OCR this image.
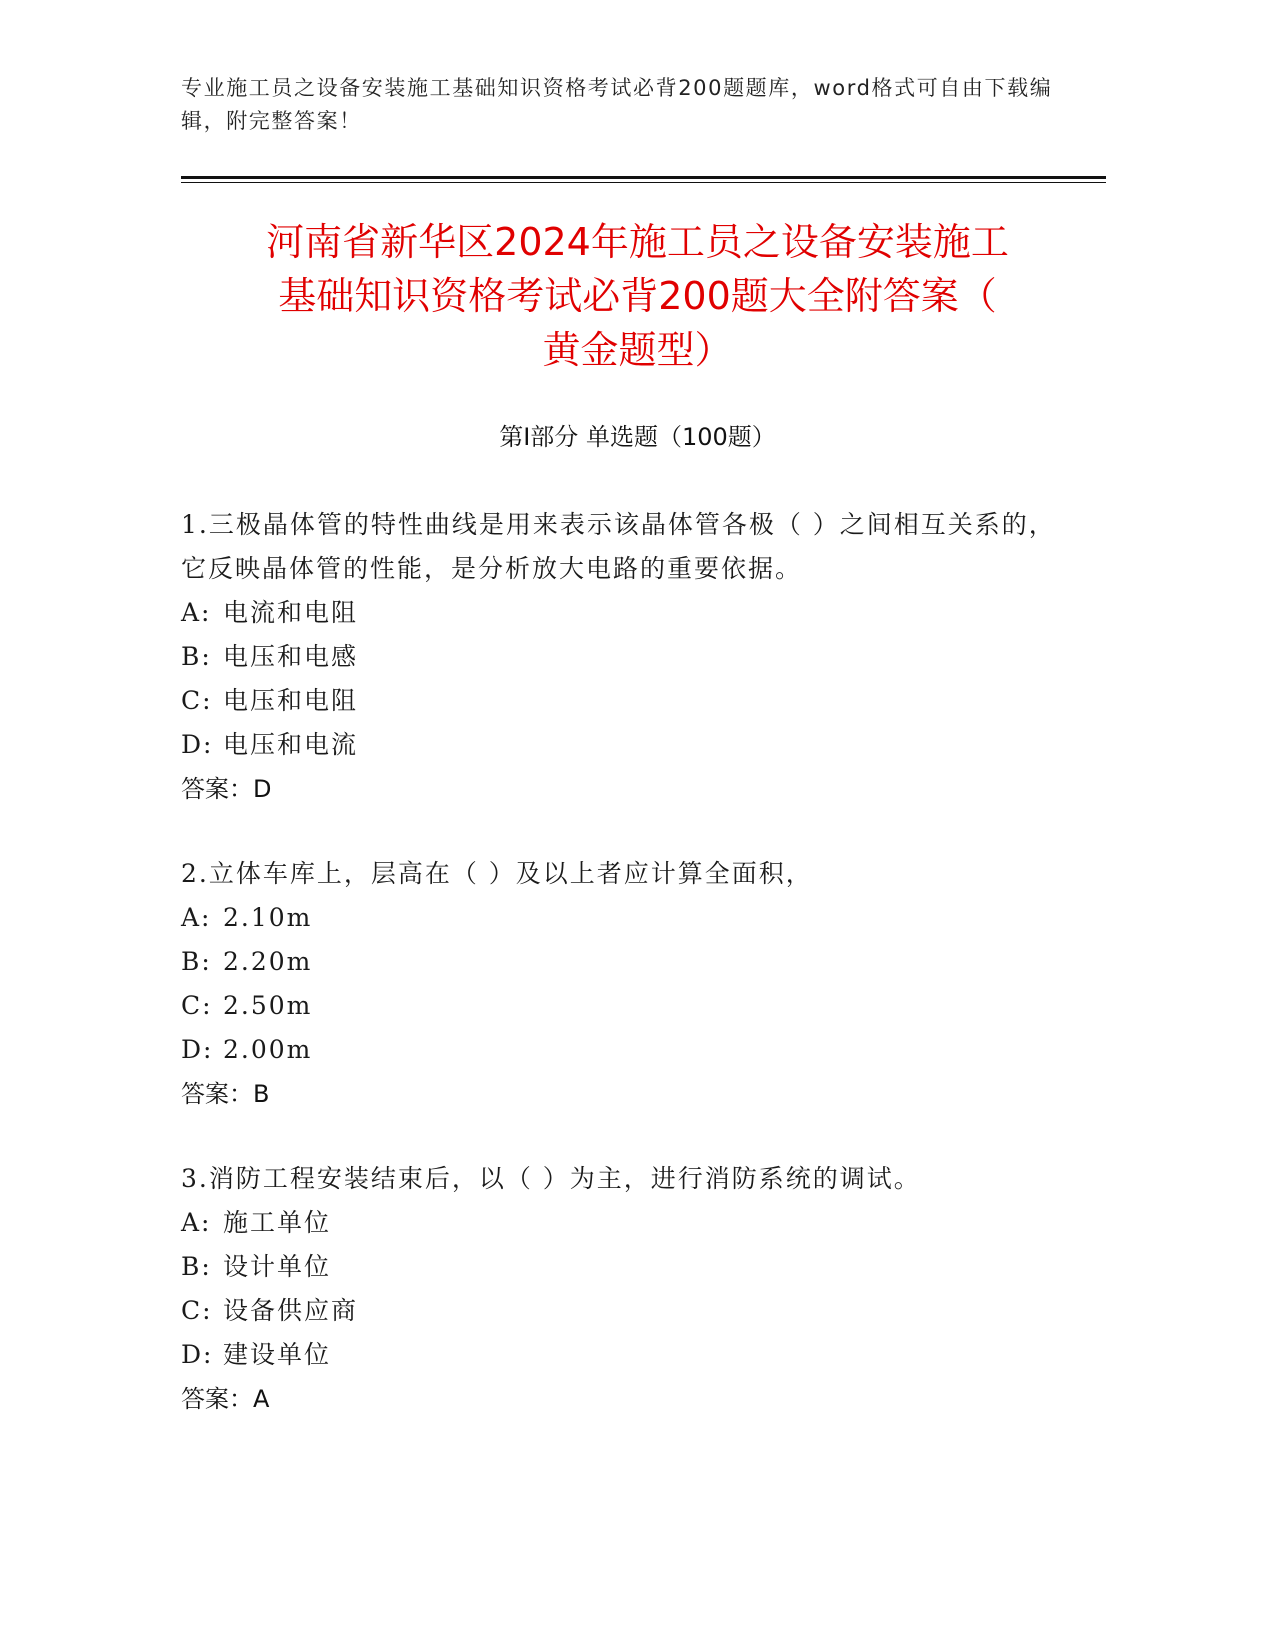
专业施工员之设备安装施工基础知识资格考试必背200题题库，word格式可自由下载编辑，附完整答案！
河南省新华区2024年施工员之设备安装施工
基础知识资格考试必背200题大全附答案（
黄金题型）
第I部分 单选题（100题）

1.三极晶体管的特性曲线是用来表示该晶体管各极（ ）之间相互关系的，它反映晶体管的性能，是分析放大电路的重要依据。

A: 电流和电阻

B: 电压和电感

C: 电压和电阻

D: 电压和电流

答案：D

2.立体车库上，层高在（ ）及以上者应计算全面积，

A: 2.10m

B: 2.20m

C: 2.50m

D: 2.00m

答案：B

3.消防工程安装结束后，以（ ）为主，进行消防系统的调试。

A: 施工单位

B: 设计单位

C: 设备供应商

D: 建设单位

答案：A
